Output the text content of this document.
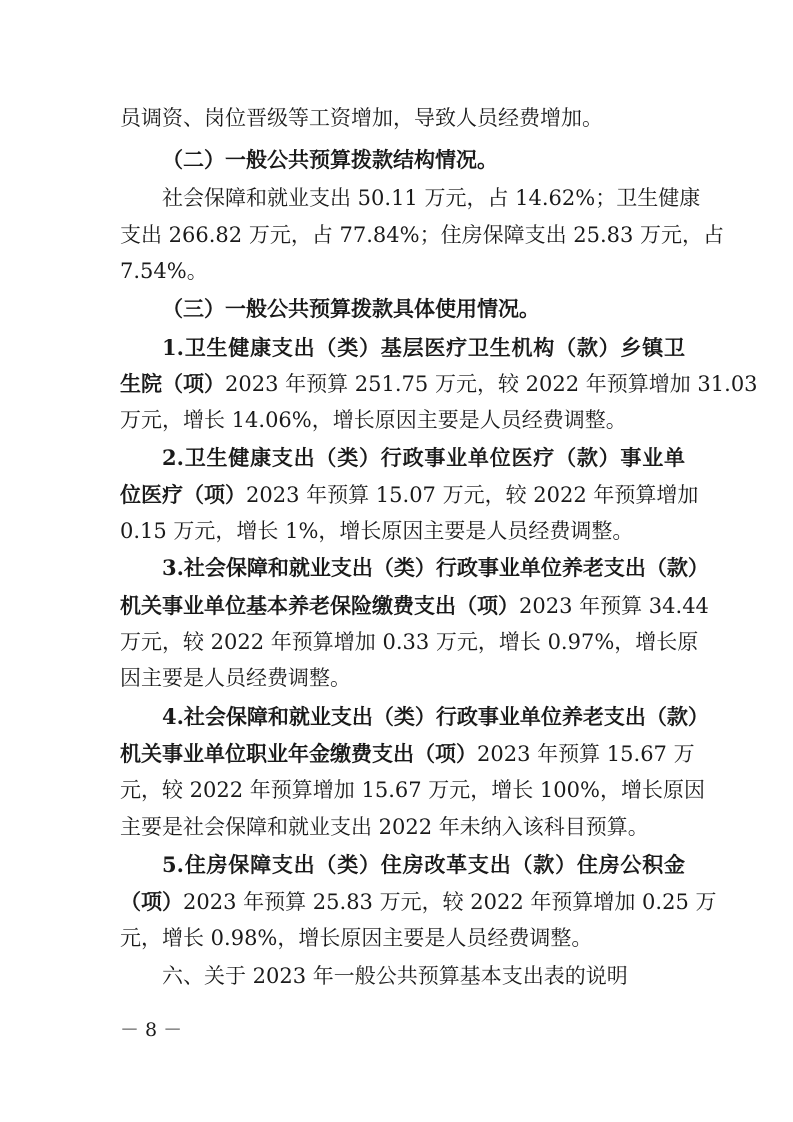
员调资、岗位晋级等工资增加，导致人员经费增加。
（二）一般公共预算拨款结构情况。
社会保障和就业支出 50.11 万元，占 14.62%；卫生健康
支出 266.82 万元，占 77.84%；住房保障支出 25.83 万元，占
7.54%。
（三）一般公共预算拨款具体使用情况。
1.卫生健康支出（类）基层医疗卫生机构（款）乡镇卫
生院（项）2023 年预算 251.75 万元，较 2022 年预算增加 31.03
万元，增长 14.06%，增长原因主要是人员经费调整。
2.卫生健康支出（类）行政事业单位医疗（款）事业单
位医疗（项）2023 年预算 15.07 万元，较 2022 年预算增加
0.15 万元，增长 1%，增长原因主要是人员经费调整。
3.社会保障和就业支出（类）行政事业单位养老支出（款）
机关事业单位基本养老保险缴费支出（项）2023 年预算 34.44
万元，较 2022 年预算增加 0.33 万元，增长 0.97%，增长原
因主要是人员经费调整。
4.社会保障和就业支出（类）行政事业单位养老支出（款）
机关事业单位职业年金缴费支出（项）2023 年预算 15.67 万
元，较 2022 年预算增加 15.67 万元，增长 100%，增长原因
主要是社会保障和就业支出 2022 年未纳入该科目预算。
5.住房保障支出（类）住房改革支出（款）住房公积金
（项）2023 年预算 25.83 万元，较 2022 年预算增加 0.25 万
元，增长 0.98%，增长原因主要是人员经费调整。
六、关于 2023 年一般公共预算基本支出表的说明
－ 8 －
